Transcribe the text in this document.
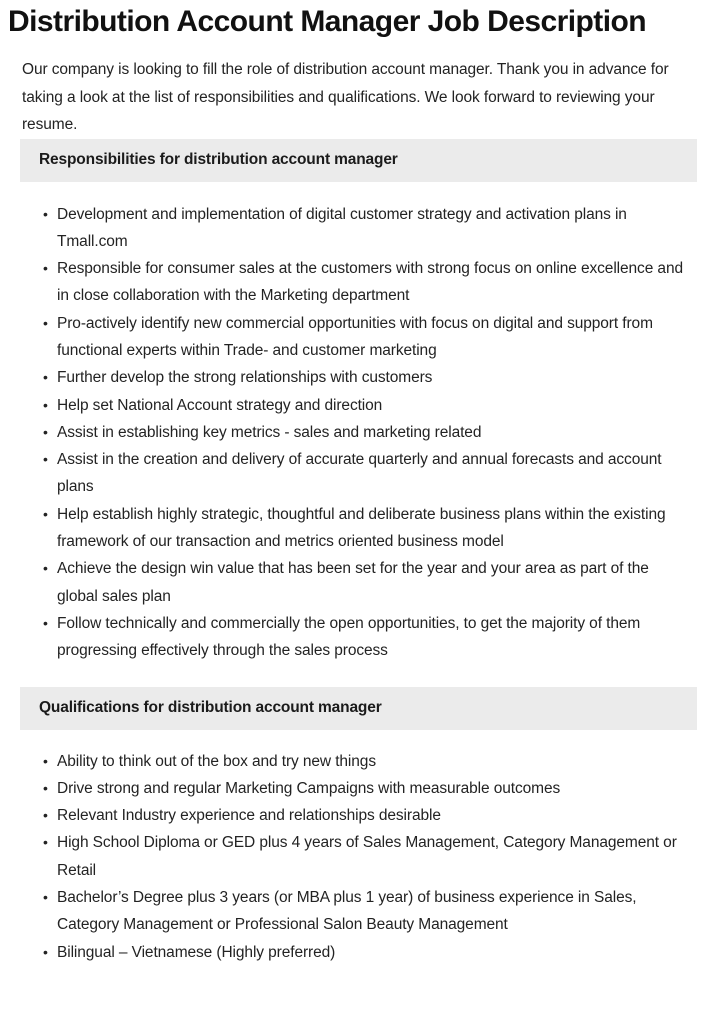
Distribution Account Manager Job Description

Our company is looking to fill the role of distribution account manager. Thank you in advance for taking a look at the list of responsibilities and qualifications. We look forward to reviewing your resume.

Responsibilities for distribution account manager
• Development and implementation of digital customer strategy and activation plans in Tmall.com
• Responsible for consumer sales at the customers with strong focus on online excellence and in close collaboration with the Marketing department
• Pro-actively identify new commercial opportunities with focus on digital and support from functional experts within Trade- and customer marketing
• Further develop the strong relationships with customers
• Help set National Account strategy and direction
• Assist in establishing key metrics - sales and marketing related
• Assist in the creation and delivery of accurate quarterly and annual forecasts and account plans
• Help establish highly strategic, thoughtful and deliberate business plans within the existing framework of our transaction and metrics oriented business model
• Achieve the design win value that has been set for the year and your area as part of the global sales plan
• Follow technically and commercially the open opportunities, to get the majority of them progressing effectively through the sales process
Qualifications for distribution account manager
• Ability to think out of the box and try new things
• Drive strong and regular Marketing Campaigns with measurable outcomes
• Relevant Industry experience and relationships desirable
• High School Diploma or GED plus 4 years of Sales Management, Category Management or Retail
• Bachelor’s Degree plus 3 years (or MBA plus 1 year) of business experience in Sales, Category Management or Professional Salon Beauty Management
• Bilingual – Vietnamese (Highly preferred)
